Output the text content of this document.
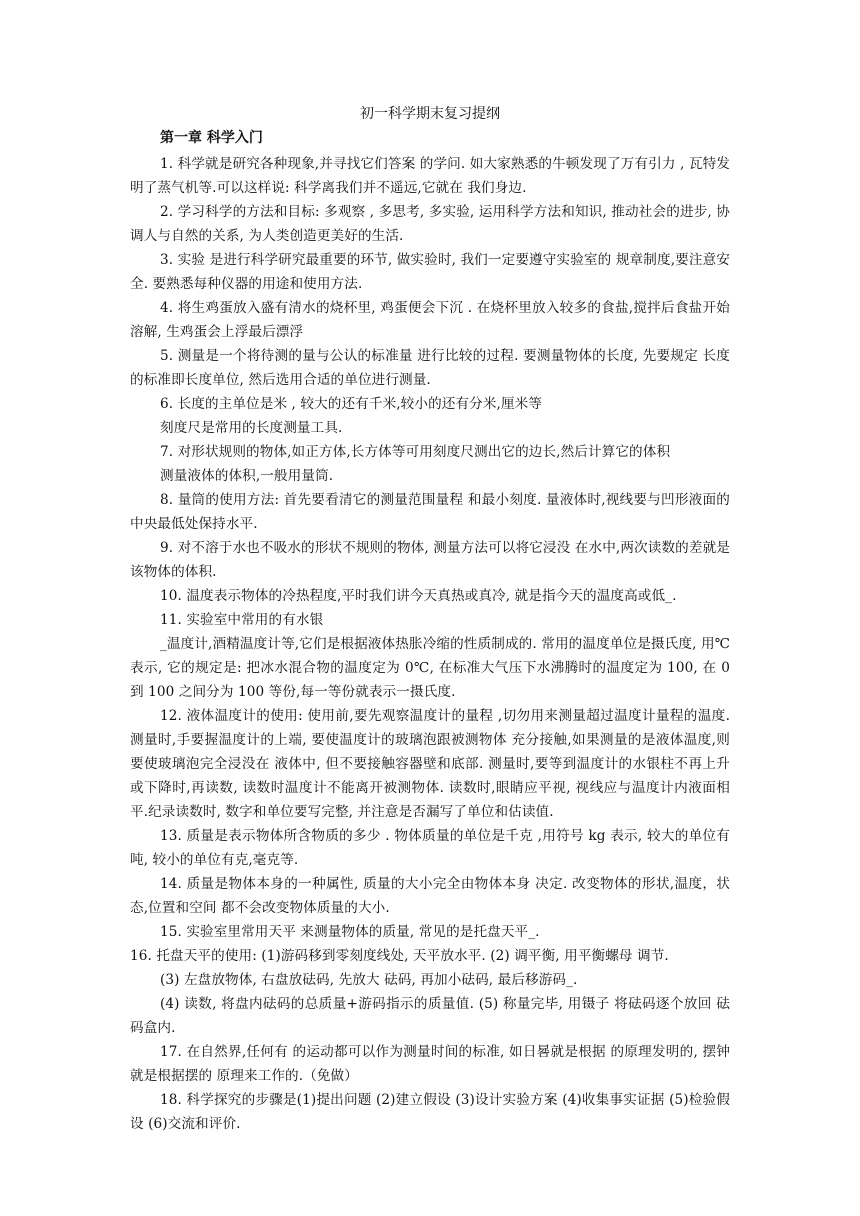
初一科学期末复习提纲
第一章 科学入门

1. 科学就是研究各种现象,并寻找它们答案 的学问. 如大家熟悉的牛顿发现了万有引力 , 瓦特发明了蒸气机等.可以这样说: 科学离我们并不遥远,它就在 我们身边.

2. 学习科学的方法和目标: 多观察 , 多思考, 多实验, 运用科学方法和知识, 推动社会的进步, 协调人与自然的关系, 为人类创造更美好的生活.

3. 实验 是进行科学研究最重要的环节, 做实验时, 我们一定要遵守实验室的 规章制度,要注意安全. 要熟悉每种仪器的用途和使用方法.

4. 将生鸡蛋放入盛有清水的烧杯里, 鸡蛋便会下沉 . 在烧杯里放入较多的食盐,搅拌后食盐开始溶解, 生鸡蛋会上浮最后漂浮

5. 测量是一个将待测的量与公认的标准量 进行比较的过程. 要测量物体的长度, 先要规定 长度的标准即长度单位, 然后选用合适的单位进行测量.

6. 长度的主单位是米 , 较大的还有千米,较小的还有分米,厘米等

刻度尺是常用的长度测量工具.

7. 对形状规则的物体,如正方体,长方体等可用刻度尺测出它的边长,然后计算它的体积

测量液体的体积,一般用量筒.

8. 量筒的使用方法: 首先要看清它的测量范围量程 和最小刻度. 量液体时,视线要与凹形液面的中央最低处保持水平.

9. 对不溶于水也不吸水的形状不规则的物体, 测量方法可以将它浸没 在水中,两次读数的差就是该物体的体积.

10. 温度表示物体的冷热程度,平时我们讲今天真热或真冷, 就是指今天的温度高或低_.

11. 实验室中常用的有水银

_温度计,酒精温度计等,它们是根据液体热胀冷缩的性质制成的. 常用的温度单位是摄氏度, 用℃表示, 它的规定是: 把冰水混合物的温度定为 0℃, 在标准大气压下水沸腾时的温度定为 100, 在 0 到 100 之间分为 100 等份,每一等份就表示一摄氏度.

12. 液体温度计的使用: 使用前,要先观察温度计的量程 ,切勿用来测量超过温度计量程的温度. 测量时,手要握温度计的上端, 要使温度计的玻璃泡跟被测物体 充分接触,如果测量的是液体温度,则要使玻璃泡完全浸没在 液体中, 但不要接触容器壁和底部. 测量时,要等到温度计的水银柱不再上升或下降时,再读数, 读数时温度计不能离开被测物体. 读数时,眼睛应平视, 视线应与温度计内液面相平.纪录读数时, 数字和单位要写完整, 并注意是否漏写了单位和估读值.

13. 质量是表示物体所含物质的多少 . 物体质量的单位是千克 ,用符号 kg 表示, 较大的单位有 吨, 较小的单位有克,毫克等.

14. 质量是物体本身的一种属性, 质量的大小完全由物体本身 决定. 改变物体的形状,温度，状态,位置和空间 都不会改变物体质量的大小.

15. 实验室里常用天平 来测量物体的质量, 常见的是托盘天平_.

16. 托盘天平的使用: (1)游码移到零刻度线处, 天平放水平. (2) 调平衡, 用平衡螺母 调节.

(3) 左盘放物体, 右盘放砝码, 先放大 砝码, 再加小砝码, 最后移游码_.

(4) 读数, 将盘内砝码的总质量+游码指示的质量值. (5) 称量完毕, 用镊子 将砝码逐个放回 砝码盒内.

17. 在自然界,任何有 的运动都可以作为测量时间的标准, 如日晷就是根据 的原理发明的, 摆钟就是根据摆的 原理来工作的.（免做）

18. 科学探究的步骤是(1)提出问题 (2)建立假设 (3)设计实验方案 (4)收集事实证据 (5)检验假设 (6)交流和评价.
